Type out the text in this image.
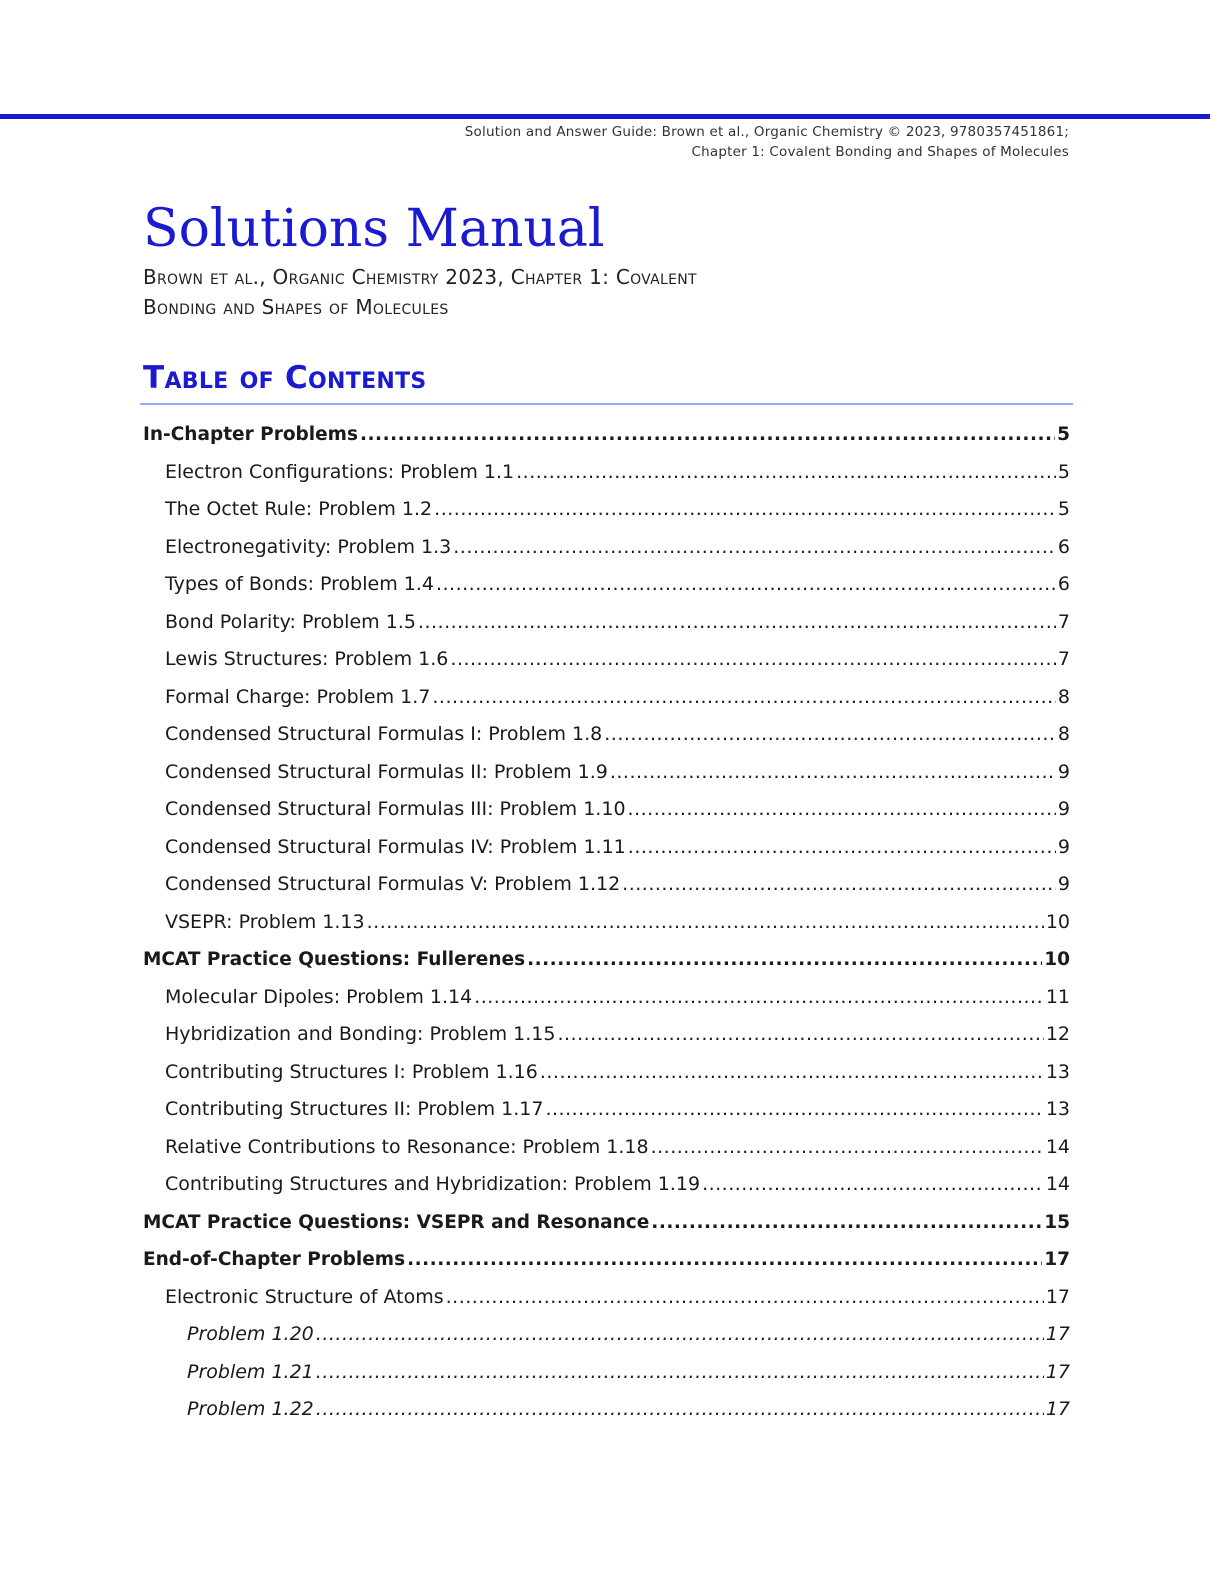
Solution and Answer Guide: Brown et al., Organic Chemistry © 2023, 9780357451861;
Chapter 1: Covalent Bonding and Shapes of Molecules
Solutions Manual
Brown et al., Organic Chemistry 2023, Chapter 1: Covalent
Bonding and Shapes of Molecules
Table of Contents
In-Chapter Problems .....	5
Electron Configurations: Problem 1.1 .....	5
The Octet Rule: Problem 1.2 .....	5
Electronegativity: Problem 1.3 .....	6
Types of Bonds: Problem 1.4 .....	6
Bond Polarity: Problem 1.5 .....	7
Lewis Structures: Problem 1.6 .....	7
Formal Charge: Problem 1.7 .....	8
Condensed Structural Formulas I: Problem 1.8 .....	8
Condensed Structural Formulas II: Problem 1.9 .....	9
Condensed Structural Formulas III: Problem 1.10 .....	9
Condensed Structural Formulas IV: Problem 1.11 .....	9
Condensed Structural Formulas V: Problem 1.12 .....	9
VSEPR: Problem 1.13 .....	10
MCAT Practice Questions: Fullerenes .....	10
Molecular Dipoles: Problem 1.14 .....	11
Hybridization and Bonding: Problem 1.15 .....	12
Contributing Structures I: Problem 1.16 .....	13
Contributing Structures II: Problem 1.17 .....	13
Relative Contributions to Resonance: Problem 1.18 .....	14
Contributing Structures and Hybridization: Problem 1.19 .....	14
MCAT Practice Questions: VSEPR and Resonance .....	15
End-of-Chapter Problems .....	17
Electronic Structure of Atoms .....	17
Problem 1.20 .....	17
Problem 1.21 .....	17
Problem 1.22 .....	17
